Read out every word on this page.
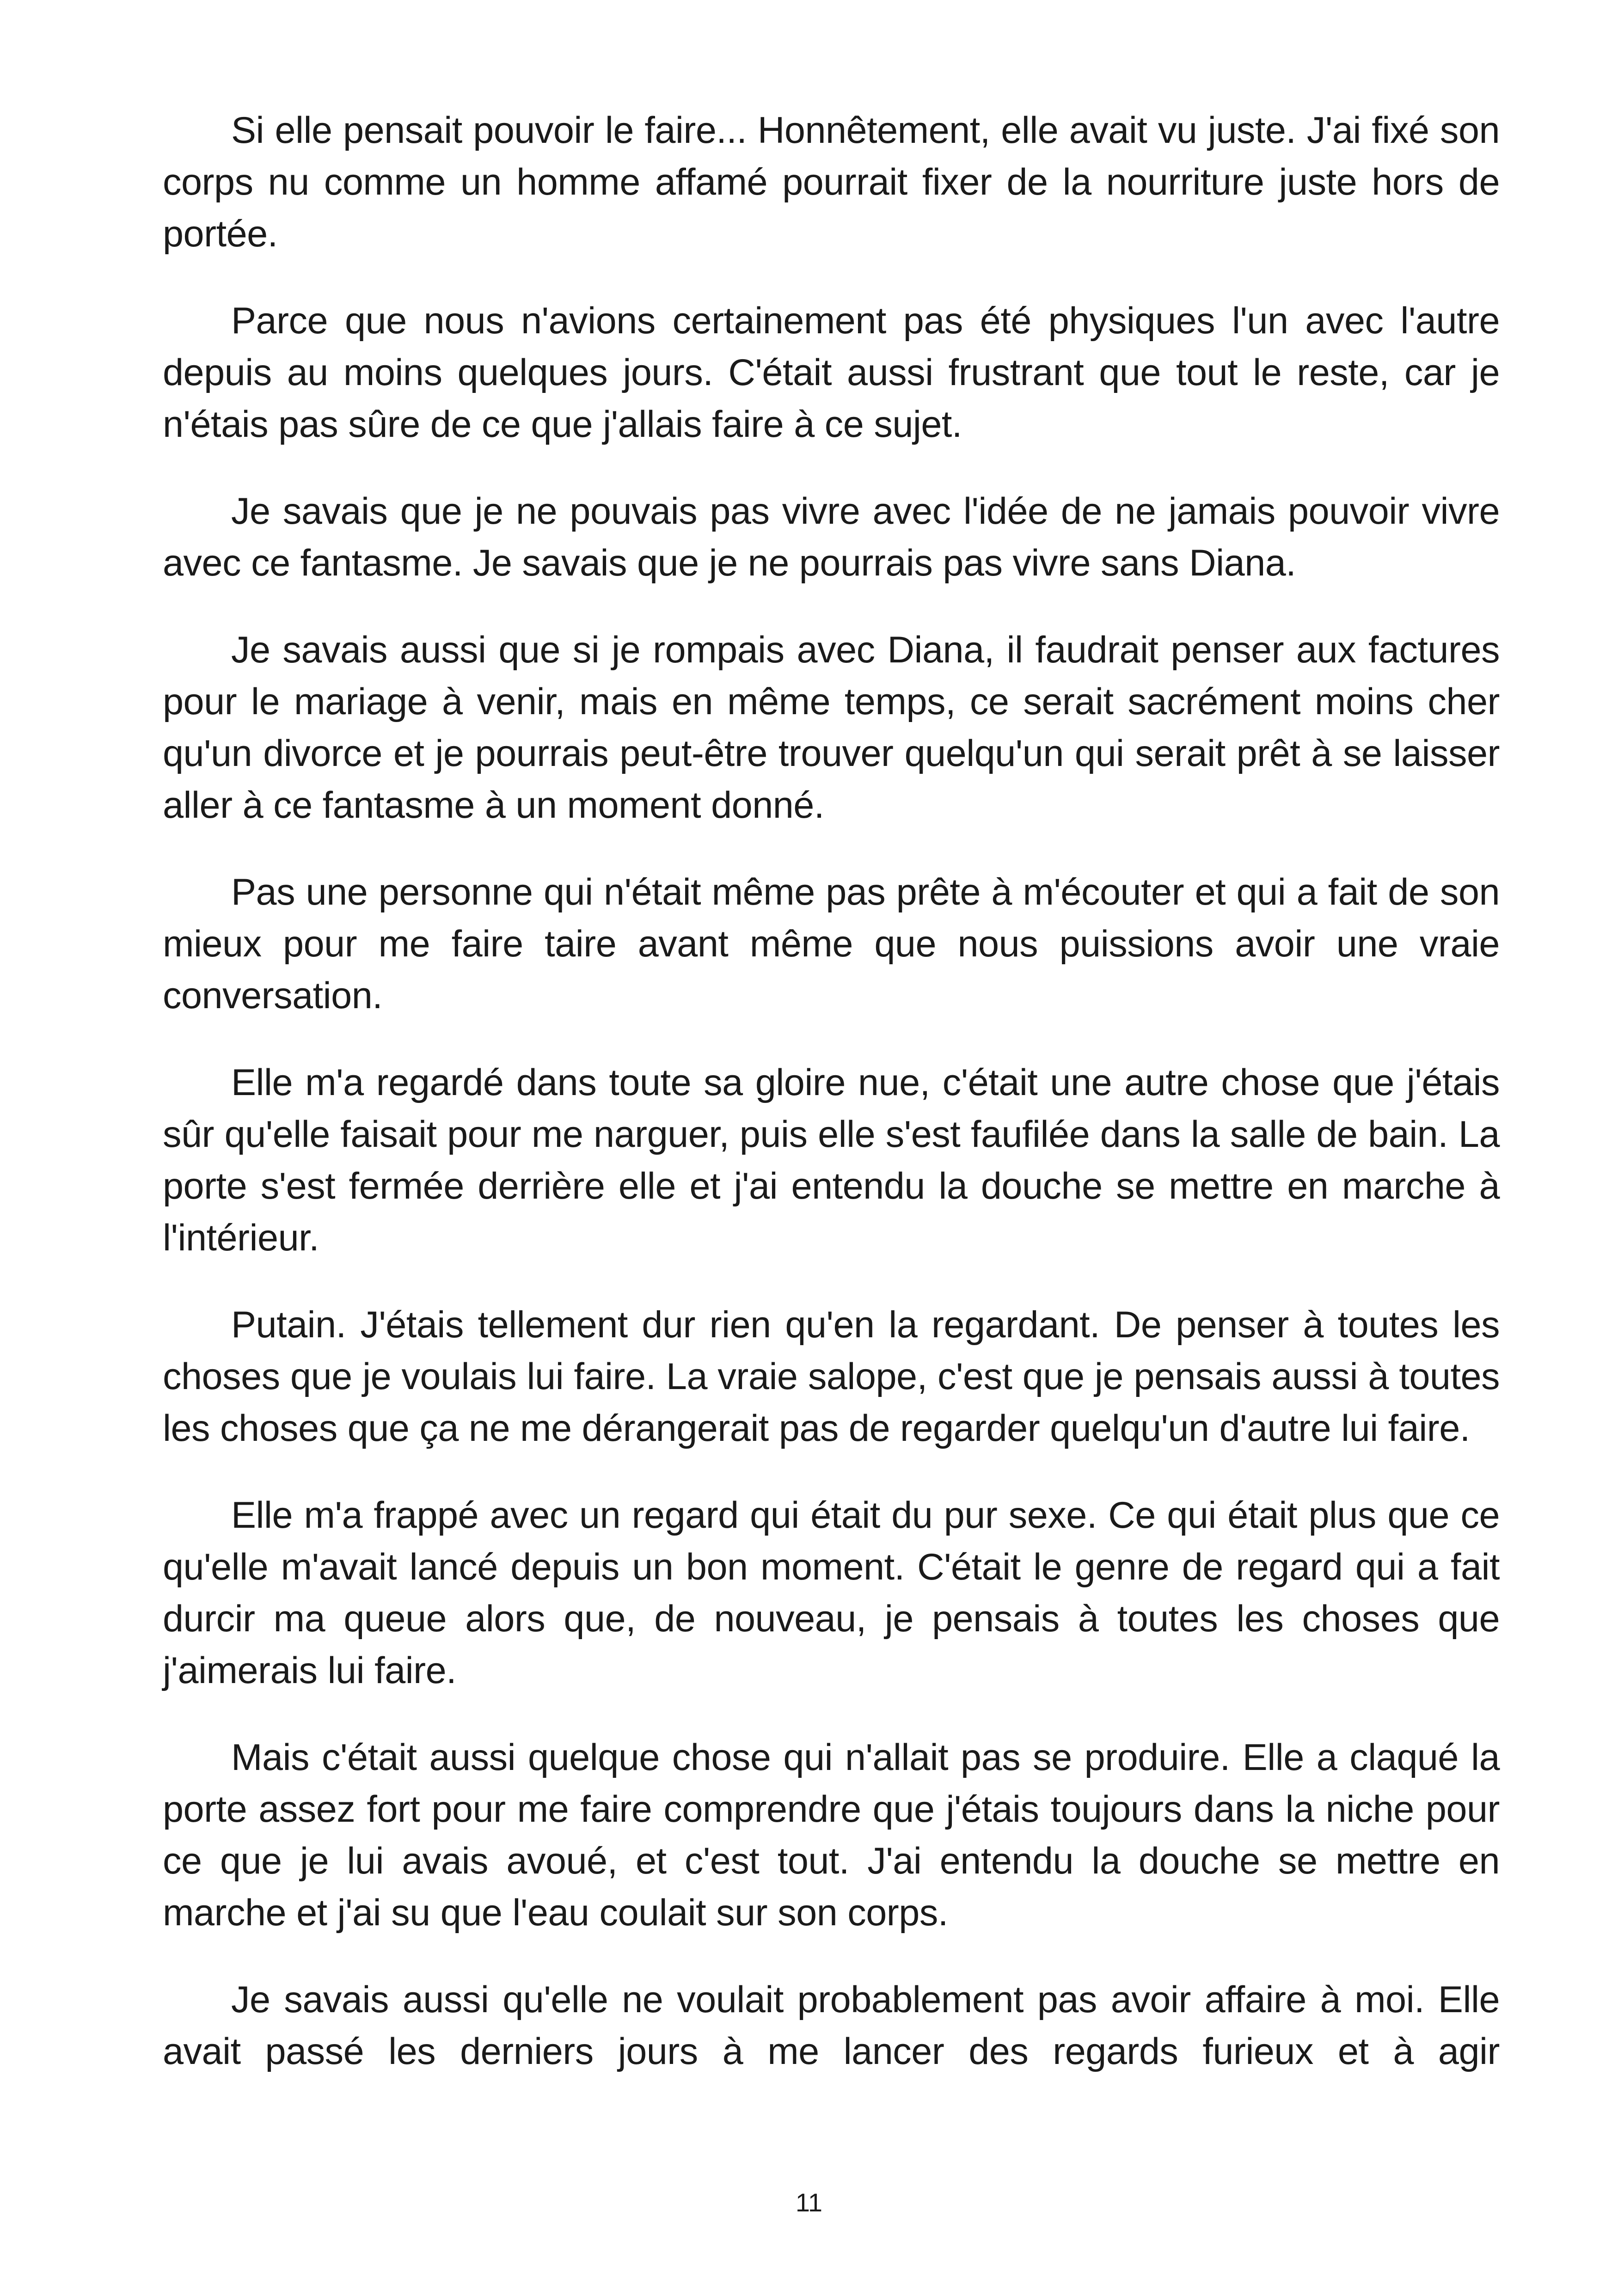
Si elle pensait pouvoir le faire... Honnêtement, elle avait vu juste. J'ai fixé son corps nu comme un homme affamé pourrait fixer de la nourriture juste hors de portée.

Parce que nous n'avions certainement pas été physiques l'un avec l'autre depuis au moins quelques jours. C'était aussi frustrant que tout le reste, car je n'étais pas sûre de ce que j'allais faire à ce sujet.

Je savais que je ne pouvais pas vivre avec l'idée de ne jamais pouvoir vivre avec ce fantasme. Je savais que je ne pourrais pas vivre sans Diana.

Je savais aussi que si je rompais avec Diana, il faudrait penser aux factures pour le mariage à venir, mais en même temps, ce serait sacrément moins cher qu'un divorce et je pourrais peut-être trouver quelqu'un qui serait prêt à se laisser aller à ce fantasme à un moment donné.

Pas une personne qui n'était même pas prête à m'écouter et qui a fait de son mieux pour me faire taire avant même que nous puissions avoir une vraie conversation.

Elle m'a regardé dans toute sa gloire nue, c'était une autre chose que j'étais sûr qu'elle faisait pour me narguer, puis elle s'est faufilée dans la salle de bain. La porte s'est fermée derrière elle et j'ai entendu la douche se mettre en marche à l'intérieur.

Putain. J'étais tellement dur rien qu'en la regardant. De penser à toutes les choses que je voulais lui faire. La vraie salope, c'est que je pensais aussi à toutes les choses que ça ne me dérangerait pas de regarder quelqu'un d'autre lui faire.

Elle m'a frappé avec un regard qui était du pur sexe. Ce qui était plus que ce qu'elle m'avait lancé depuis un bon moment. C'était le genre de regard qui a fait durcir ma queue alors que, de nouveau, je pensais à toutes les choses que j'aimerais lui faire.

Mais c'était aussi quelque chose qui n'allait pas se produire. Elle a claqué la porte assez fort pour me faire comprendre que j'étais toujours dans la niche pour ce que je lui avais avoué, et c'est tout. J'ai entendu la douche se mettre en marche et j'ai su que l'eau coulait sur son corps.

Je savais aussi qu'elle ne voulait probablement pas avoir affaire à moi. Elle avait passé les derniers jours à me lancer des regards furieux et à agir

11
